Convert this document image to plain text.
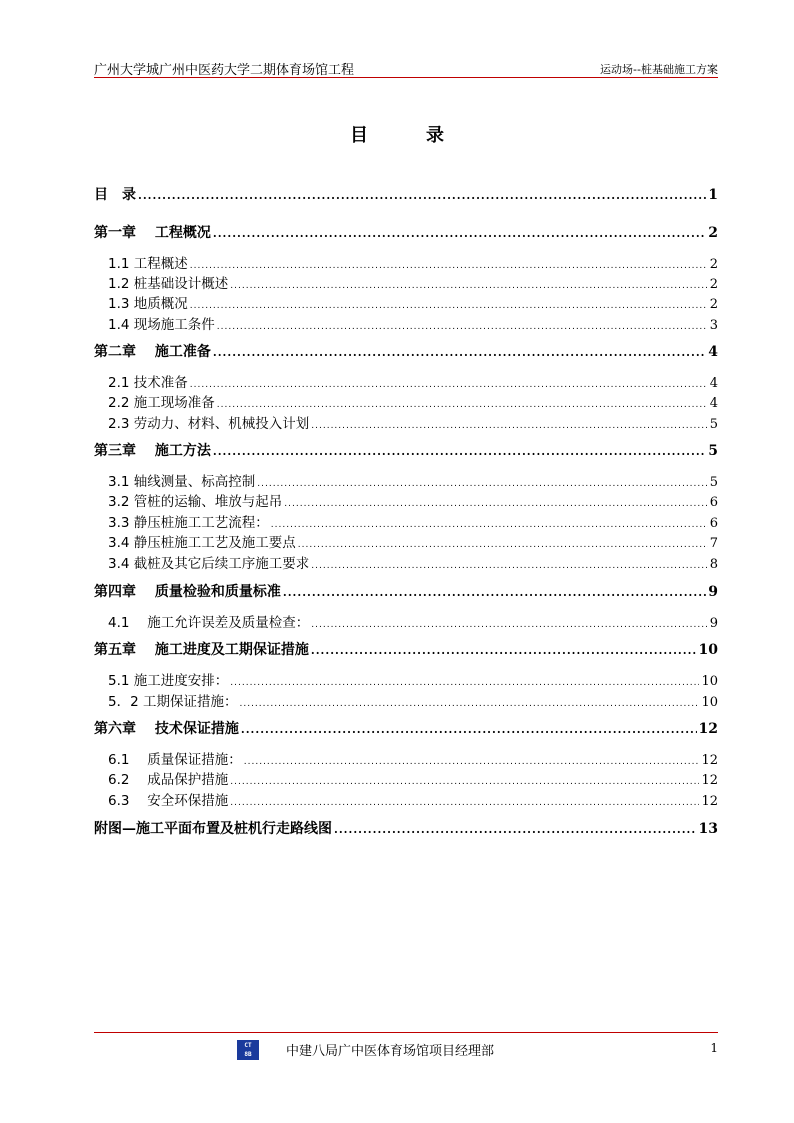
广州大学城广州中医药大学二期体育场馆工程	运动场--桩基础施工方案
目　录
目　录 .....	1
第一章　 工程概况 .....	2
1.1 工程概述 .....	2
1.2 桩基础设计概述 .....	2
1.3 地质概况 .....	2
1.4 现场施工条件 .....	3
第二章　 施工准备 .....	4
2.1 技术准备 .....	4
2.2 施工现场准备 .....	4
2.3 劳动力、材料、机械投入计划 .....	5
第三章　 施工方法 .....	5
3.1 轴线测量、标高控制 .....	5
3.2 管桩的运输、堆放与起吊 .....	6
3.3 静压桩施工工艺流程： .....	6
3.4 静压桩施工工艺及施工要点 .....	7
3.4 截桩及其它后续工序施工要求 .....	8
第四章　 质量检验和质量标准 .....	9
4.1　 施工允许误差及质量检查： .....	9
第五章　 施工进度及工期保证措施 .....	10
5.1 施工进度安排： .....	10
5．2 工期保证措施： .....	10
第六章　 技术保证措施 .....	12
6.1　 质量保证措施： .....	12
6.2　 成品保护措施 .....	12
6.3　 安全环保措施 .....	12
附图—施工平面布置及桩机行走路线图 .....	13
CT
8B	中建八局广中医体育场馆项目经理部	1
